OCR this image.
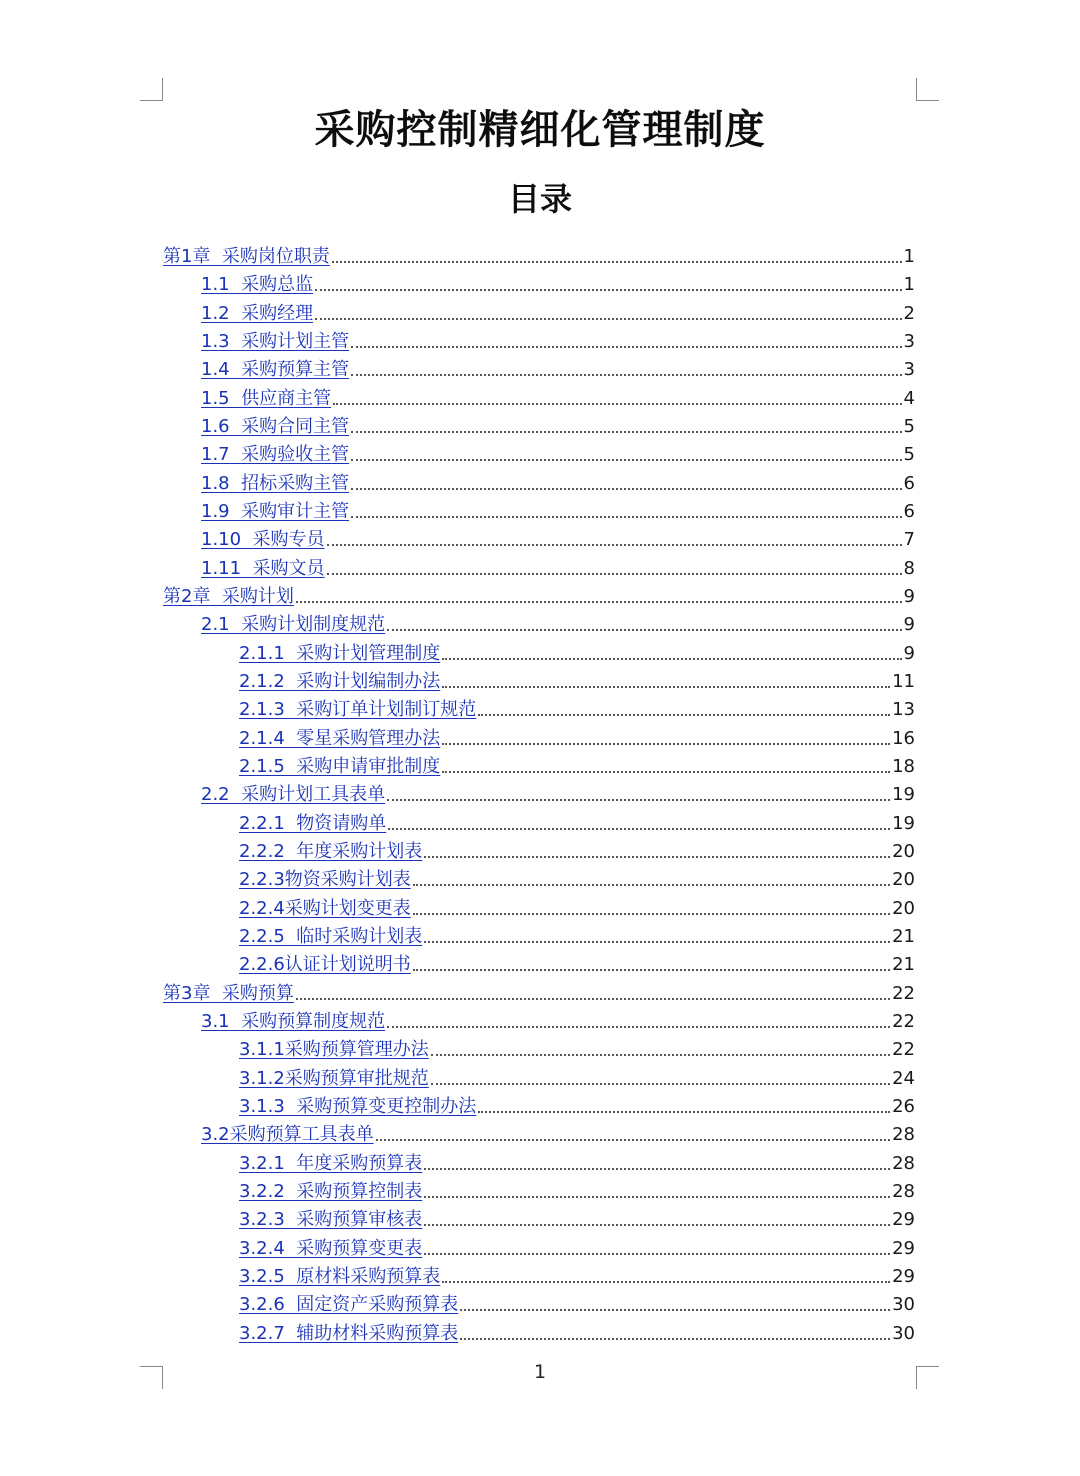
采购控制精细化管理制度
目录
第1章  采购岗位职责	1
1.1  采购总监	1
1.2  采购经理	2
1.3  采购计划主管	3
1.4  采购预算主管	3
1.5  供应商主管	4
1.6  采购合同主管	5
1.7  采购验收主管	5
1.8  招标采购主管	6
1.9  采购审计主管	6
1.10  采购专员	7
1.11  采购文员	8
第2章  采购计划	9
2.1  采购计划制度规范	9
2.1.1  采购计划管理制度	9
2.1.2  采购计划编制办法	11
2.1.3  采购订单计划制订规范	13
2.1.4  零星采购管理办法	16
2.1.5  采购申请审批制度	18
2.2  采购计划工具表单	19
2.2.1  物资请购单	19
2.2.2  年度采购计划表	20
2.2.3物资采购计划表	20
2.2.4采购计划变更表	20
2.2.5  临时采购计划表	21
2.2.6认证计划说明书	21
第3章  采购预算	22
3.1  采购预算制度规范	22
3.1.1采购预算管理办法	22
3.1.2采购预算审批规范	24
3.1.3  采购预算变更控制办法	26
3.2采购预算工具表单	28
3.2.1  年度采购预算表	28
3.2.2  采购预算控制表	28
3.2.3  采购预算审核表	29
3.2.4  采购预算变更表	29
3.2.5  原材料采购预算表	29
3.2.6  固定资产采购预算表	30
3.2.7  辅助材料采购预算表	30
1
